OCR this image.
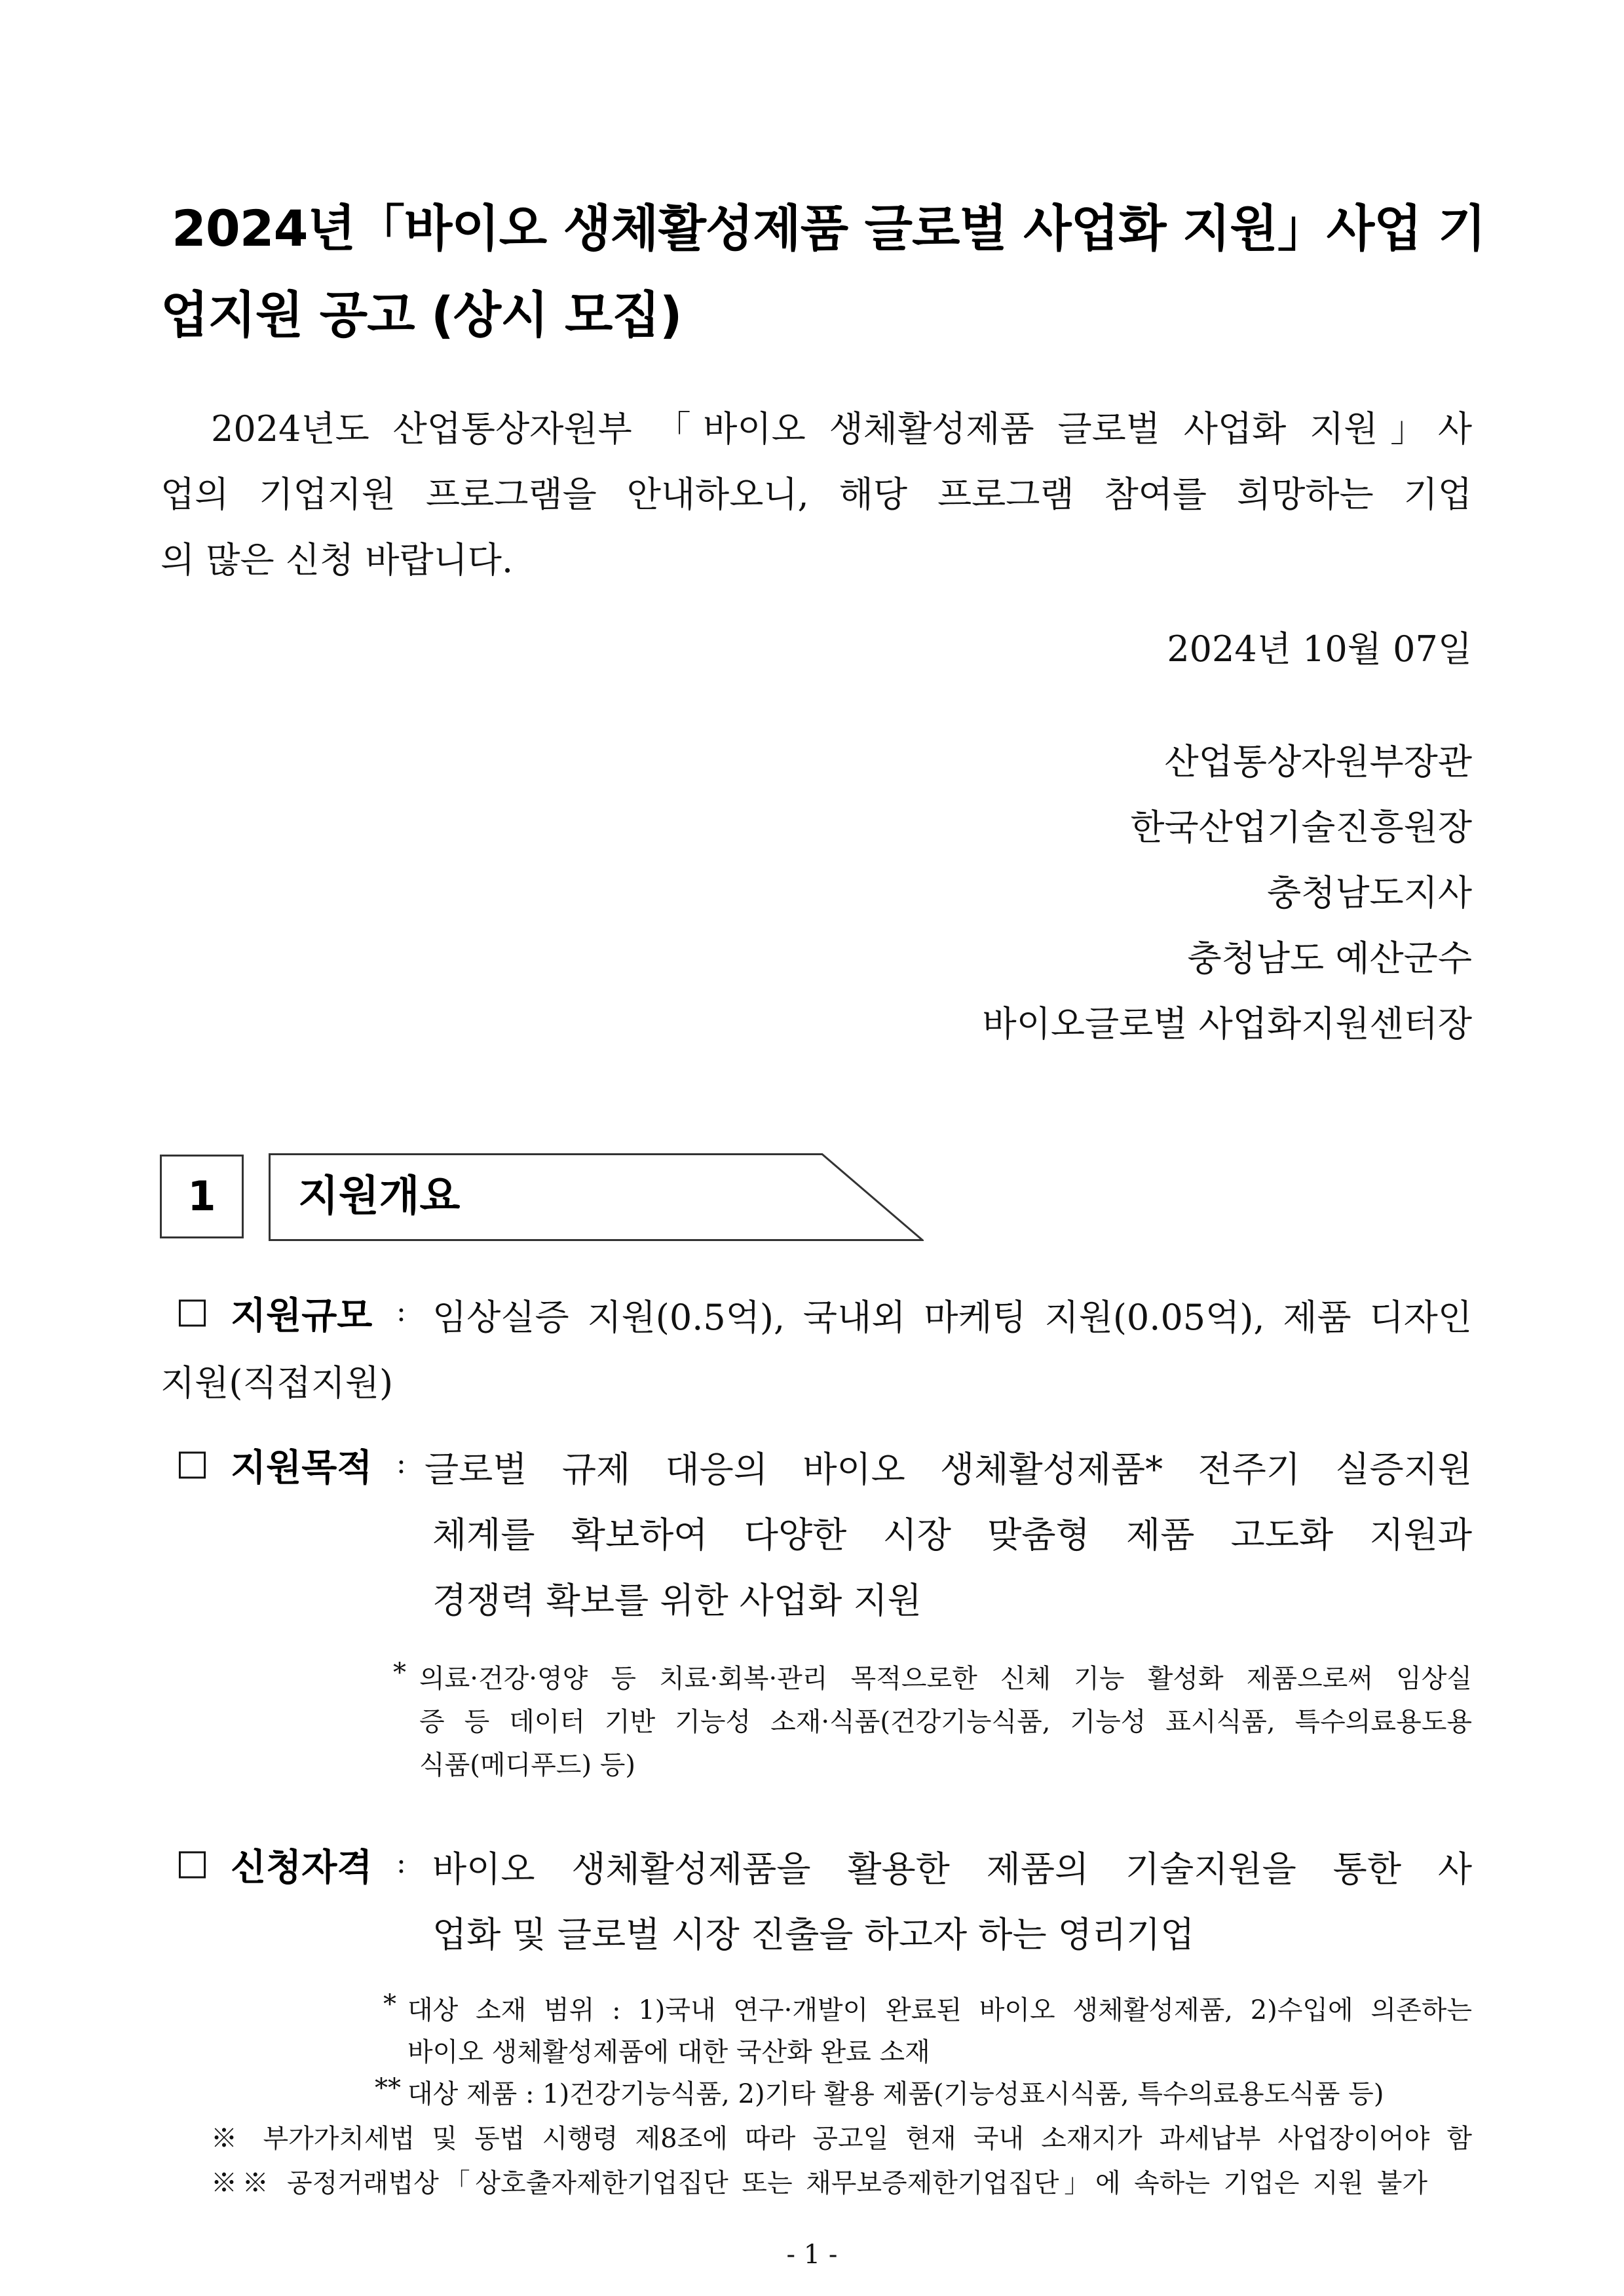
2024년「바이오 생체활성제품 글로벌 사업화 지원」사업 기
업지원 공고 (상시 모집)
2024년도 산업통상자원부 「바이오 생체활성제품 글로벌 사업화 지원」사
업의 기업지원 프로그램을 안내하오니, 해당 프로그램 참여를 희망하는 기업
의 많은 신청 바랍니다.
2024년 10월 07일
산업통상자원부장관
한국산업기술진흥원장
충청남도지사
충청남도 예산군수
바이오글로벌 사업화지원센터장
1	지원개요
□ 지원규모 : 임상실증 지원(0.5억), 국내외 마케팅 지원(0.05억), 제품 디자인
지원(직접지원)
□ 지원목적 : 글로벌 규제 대응의 바이오 생체활성제품* 전주기 실증지원
체계를 확보하여 다양한 시장 맞춤형 제품 고도화 지원과
경쟁력 확보를 위한 사업화 지원
* 의료·건강·영양 등 치료·회복·관리 목적으로한 신체 기능 활성화 제품으로써 임상실
증 등 데이터 기반 기능성 소재·식품(건강기능식품, 기능성 표시식품, 특수의료용도용
식품(메디푸드) 등)
□ 신청자격 : 바이오 생체활성제품을 활용한 제품의 기술지원을 통한 사
업화 및 글로벌 시장 진출을 하고자 하는 영리기업
* 대상 소재 범위 : 1)국내 연구·개발이 완료된 바이오 생체활성제품, 2)수입에 의존하는
바이오 생체활성제품에 대한 국산화 완료 소재
** 대상 제품 : 1)건강기능식품, 2)기타 활용 제품(기능성표시식품, 특수의료용도식품 등)
※ 부가가치세법 및 동법 시행령 제8조에 따라 공고일 현재 국내 소재지가 과세납부 사업장이어야 함
※※ 공정거래법상「상호출자제한기업집단 또는 채무보증제한기업집단」에 속하는 기업은 지원 불가
- 1 -
